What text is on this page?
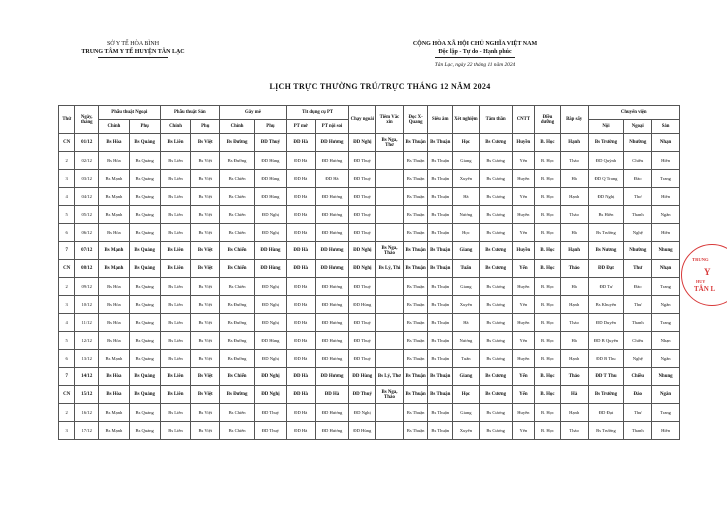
SỞ Y TẾ HÒA BÌNH
TRUNG TÂM Y TẾ HUYỆN TÂN LẠC
CỘNG HÒA XÃ HỘI CHỦ NGHĨA VIỆT NAM
Độc lập - Tự do - Hạnh phúc
Tân Lạc, ngày 22 tháng 11 năm 2024
LỊCH TRỰC THƯỜNG TRÚ/TRỰC THÁNG 12 NĂM 2024
Thứ	Ngày, tháng	Phẫu thuật Ngoại		Phẫu thuật Sản		Gây mê		Tit dụng cụ PT		Chạy ngoài	Tiêm Vắc xin	Đọc X-Quang	Siêu âm	Xét nghiệm	Tâm thần	CNTT	Điều dưỡng	Bắp sấy	Chuyển viện		
		Chính	Phụ	Chính	Phụ	Chính	Phụ	PT mở	PT nội soi										Nội	Ngoại	Sản
CN	01/12	Bs Hòa	Bs Quảng	Bs Liên	Bs Việt	Bs Đường	ĐD Thuỷ	ĐD Hà	ĐD Hương	ĐD Nghị	Bs Nga, Thơ	Bs Thuận	Bs Thuận	Học	Bs Cương	Huyền	B. Học	Hạnh	Bs Trường	Nhường	Nhạn
2	02/12	Bs Hòa	Bs Quảng	Bs Liên	Bs Việt	Bs Đường	ĐD Hùng	ĐD Hà	ĐD Hương	ĐD Thuỷ		Bs Thuận	Bs Thuận	Giang	Bs Cương	Yến	B. Học	Thảo	ĐD Quỳnh	Chiều	Hiền
3	03/12	Bs Mạnh	Bs Quảng	Bs Liên	Bs Việt	Bs Chiến	ĐD Hùng	ĐD Hà	ĐD Hà	ĐD Thuỷ		Bs Thuận	Bs Thuận	Xuyến	Bs Cương	Huyền	B. Học	Hà	ĐD Q Trang	Đào	Trang
4	04/12	Bs Mạnh	Bs Quảng	Bs Liên	Bs Việt	Bs Chiến	ĐD Hùng	ĐD Hà	ĐD Hương	ĐD Thuỷ		Bs Thuận	Bs Thuận	Hà	Bs Cương	Yến	B. Học	Hạnh	ĐD Nghị	Thơ	Hiền
5	05/12	Bs Mạnh	Bs Quảng	Bs Liên	Bs Việt	Bs Chiến	ĐD Nghị	ĐD Hà	ĐD Hương	ĐD Thuỷ		Bs Thuận	Bs Thuận	Nương	Bs Cương	Huyền	B. Học	Thảo	Bs Hiền	Thanh	Ngân
6	06/12	Bs Hòa	Bs Quảng	Bs Liên	Bs Việt	Bs Chiến	ĐD Nghị	ĐD Hà	ĐD Hương	ĐD Thuỷ		Bs Thuận	Bs Thuận	Học	Bs Cương	Yến	B. Học	Hà	Bs Trường	Nghệ	Hiền
7	07/12	Bs Mạnh	Bs Quảng	Bs Liên	Bs Việt	Bs Chiến	ĐD Hùng	ĐD Hà	ĐD Hương	ĐD Nghị	Bs Nga, Thảo	Bs Thuận	Bs Thuận	Giang	Bs Cương	Huyền	B. Học	Hạnh	Bs Nương	Nhường	Nhung
CN	08/12	Bs Mạnh	Bs Quảng	Bs Liên	Bs Việt	Bs Chiến	ĐD Hùng	ĐD Hà	ĐD Hương	ĐD Nghị	Bs Lý, Thi	Bs Thuận	Bs Thuận	Tuấn	Bs Cương	Yến	B. Học	Thảo	ĐD Đạt	Thư	Nhạn
2	09/12	Bs Hòa	Bs Quảng	Bs Liên	Bs Việt	Bs Chiến	ĐD Nghị	ĐD Hà	ĐD Hương	ĐD Thuỷ		Bs Thuận	Bs Thuận	Giang	Bs Cương	Huyền	B. Học	Hà	ĐD Tư	Đào	Trang
3	10/12	Bs Hòa	Bs Quảng	Bs Liên	Bs Việt	Bs Đường	ĐD Nghị	ĐD Hà	ĐD Hương	ĐD Hùng		Bs Thuận	Bs Thuận	Xuyến	Bs Cương	Yến	B. Học	Hạnh	Bs Khuyến	Thư	Ngân
4	11/12	Bs Hòa	Bs Quảng	Bs Liên	Bs Việt	Bs Đường	ĐD Nghị	ĐD Hà	ĐD Hương	ĐD Thuỷ		Bs Thuận	Bs Thuận	Hà	Bs Cương	Huyền	B. Học	Thảo	ĐD Duyên	Thanh	Trang
5	12/12	Bs Hòa	Bs Quảng	Bs Liên	Bs Việt	Bs Đường	ĐD Hùng	ĐD Hà	ĐD Hương	ĐD Thuỷ		Bs Thuận	Bs Thuận	Nương	Bs Cương	Yến	B. Học	Hà	ĐD B Quyên	Chiều	Nhạn
6	13/12	Bs Mạnh	Bs Quảng	Bs Liên	Bs Việt	Bs Đường	ĐD Nghị	ĐD Hà	ĐD Hương	ĐD Thuỷ		Bs Thuận	Bs Thuận	Tuấn	Bs Cương	Huyền	B. Học	Hạnh	ĐD B Thu	Nghệ	Ngân
7	14/12	Bs Hòa	Bs Quảng	Bs Liên	Bs Việt	Bs Chiến	ĐD Nghị	ĐD Hà	ĐD Hương	ĐD Hùng	Bs Lý, Thơ	Bs Thuận	Bs Thuận	Giang	Bs Cương	Yến	B. Học	Thảo	ĐD T Thu	Chiều	Nhung
CN	15/12	Bs Hòa	Bs Quảng	Bs Liên	Bs Việt	Bs Đường	ĐD Nghị	ĐD Hà	ĐD Hà	ĐD Thuỷ	Bs Nga, Thảo	Bs Thuận	Bs Thuận	Học	Bs Cương	Yến	B. Học	Hà	Bs Trường	Đào	Ngân
2	16/12	Bs Mạnh	Bs Quảng	Bs Liên	Bs Việt	Bs Chiến	ĐD Thuỷ	ĐD Hà	ĐD Hương	ĐD Nghị		Bs Thuận	Bs Thuận	Giang	Bs Cương	Huyền	B. Học	Hạnh	ĐD Đạt	Thư	Trang
3	17/12	Bs Mạnh	Bs Quảng	Bs Liên	Bs Việt	Bs Chiến	ĐD Thuỷ	ĐD Hà	ĐD Hương	ĐD Hùng		Bs Thuận	Bs Thuận	Xuyến	Bs Cương	Yến	B. Học	Thảo	Bs Trường	Thanh	Hiền
TRUNG
Y
HUY
TÂN L
